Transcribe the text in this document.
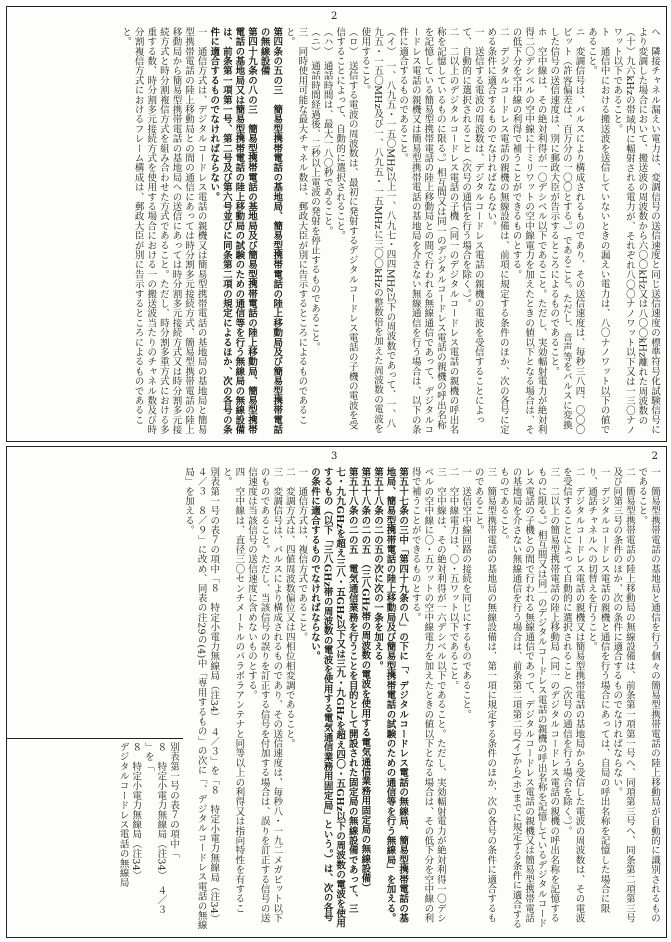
2

ヘ　隣接チャネル漏えい電力は、変調信号の送信速度と同じ送信速度の標準符号化試験信号により変調した場合において、搬送波の周波数から六〇〇kHz又は八〇〇kHz離れた周波数の（十）九六kHzの帯域内に輻射される電力が、それぞれ八〇〇ナノワット以下又は一三〇ナノワット以下であること。

ト　通信中における搬送波を送信していないときの漏えい電力は、八〇ナノワット以下の値であること。

ニ　変調信号は、パルスにより構成されるものであり、その送信速度は、毎秒三八四、〇〇〇ビット（許容偏差は、百万分の一〇〇とする。）であること。ただし、音声等をパルスに変換した信号の送信速度は、別に郵政大臣が告示するところによるものであること。

ホ　空中線は、その絶対利得が一〇デシベル以下であること。ただし、実効輻射電力が絶対利得二〇デシベルの空中線に十ミリワットの空中線電力を加えたときの値以下となる場合は、その低下分を空中線の利得で補うことができるものとする。

二　デジタルコードレス電話の親機の無線設備は、前項に規定する条件のほか、次の各号に定める条件に適合するものでなければならない。

一　送信する電波の周波数は、デジタルコードレス電話の親機の電波を受信することによって、自動的に選択されること（次号の通信を行う場合を除く。）。

二　二以上のデジタルコードレス電話の子機（同一のデジタルコードレス電話の親機の呼出名称を記憶しているものに限る。）相互間又は同一のデジタルコードレス電話の親機の呼出名称を記憶している簡易型携帯電話の陸上移動局との間で行われる無線通信であって、デジタルコードレス電話の親機又は簡易型携帯電話の基地局を介さない無線通信を行う場合は、以下の条件に適合するものであること。

（イ）　一、八九五・一五〇MHz以上一、八九七・四四MHz以下の周波数であって、一、八九五・一五〇MHz及び一、八九五・一五MHzに三〇〇kHzの整数倍を加えた周波数の電波を使用すること。

（ロ）　送信する電波の周波数は、最初に発射するデジタルコードレス電話の子機の電波を受信することによって、自動的に選択されること。

（ハ）　通話時間は、最大一八〇秒であること。

（ニ）　通話時間経過後、二秒以上電波の発射を停止するものであること。

三　同時使用可能な最大チャネル数は、郵政大臣が別に告示するところによるものであること。

第四条の五の三　簡易型携帯電話の基地局、簡易型携帯電話の陸上移動局及び簡易型携帯電話の無線設備

第四十九条の八の三　簡易型携帯電話の基地局及び簡易型携帯電話の陸上移動局、簡易型携帯電話の基地局又は簡易型携帯電話の陸上移動局の試験のための通信等を行う無線局の無線設備は、前条第一項第一号、第二号及び第六号並びに同条第二項の規定によるほか、次の各号の条件に適合するものでなければならない。

一　通信方式は、デジタルコードレス電話の親機又は簡易型携帯電話の基地局の基地局と簡易型携帯電話の陸上移動局との間の通信にあっては時分割多元接続方式、簡易型携帯電話の陸上移動局から簡易型携帯電話の基地局への送信にあっては時分割多元接続方式又は時分割多元接続方式と時分割複信方式を組み合わせた方式であること。ただし、時分割多重方式における多重する数、時分割多元接続方式を使用する場合における一の搬送波当たりのチャネル数及び時分割複信方式におけるフレーム構成は、郵政大臣が別に告示するところによるものであること。

3	2

一　簡易型携帯電話の基地局と通信を行う個々の簡易型携帯電話の陸上移動局が自動的に識別されるものであること。

二　簡易型携帯電話の陸上移動局の無線設備は、前条第一項第一号へ、同項第三号へ、同条第二項第三号及び同第三号の条件のほか、次の条件に適合するものでなければならない。

一　デジタルコードレス電話の親機と通信を行う場合にあっては、自局の呼出名称を記憶した場合に限り、通話チャネルへの切替えを行うこと。

二　デジタルコードレス電話の親機又は簡易型携帯電話の基地局から受信した電波の周波数は、その電波を受信することによって自動的に選択されること（次号の通信を行う場合を除く。）。

三　二以上の簡易型携帯電話の陸上移動局（同一のデジタルコードレス電話の親機の呼出名称を記憶するものに限る。）相互間又は同一のデジタルコードレス電話の親機の呼出名称を記憶しているデジタルコードレス電話の子機との間で行われる無線通信であって、デジタルコードレス電話の親機又は簡易型携帯電話の基地局を介さない無線通信を行う場合は、前条第二項第二号(イ)から(ホ)までに規定する条件に適合するものであること。

三　簡易型携帯電話の基地局の無線設備は、第一項に規定する条件のほか、次の各号の条件に適合するものであること。

一　送信空中線回路の接続を同じにするものであること。

二　空中線電力は、〇・五ワット以下であること。

三　空中線は、その絶対利得が一六デシベル以下であること。ただし、実効輻射電力が絶対利得一〇デシベルの空中線に〇・五ワットの空中線電力を加えたときの値以下となる場合は、その低下分を空中線の利得で補うことができるものとする。

第五十七条の三中「第四十九条の八」の下に「、デジタルコードレス電話の無線局、簡易型携帯電話の基地局、簡易型携帯電話の陸上移動局及び簡易型携帯電話の試験のための通信等を行う無線局」を加える。

第五十八条の二の五の次に次の一条を加える。

第五十八条の二の五　（三八GHz帯の周波数の電波を使用する電気通信業務用固定局の無線設備）

第五十八条の二の五　電気通信業務を行うことを目的として開設された固定局の無線設備であって、三七・九九GHzを超え三八・五GHz以下又は三九・九GHzを超え四〇・五GHz以下の周波数の電波を使用するもの（以下「三八GHz帯の周波数の電波を使用する電気通信業務用固定局」という。）は、次の各号の条件に適合するものでなければならない。

一　通信方式は、複信方式であること。

二　変調方式は、四値周波数偏位又は四相位相変調であること。

三　変調信号は、パルスにより構成されるものであり、その送信速度は、毎秒八・一九二メガビット以下のものであること。ただし、当該信号の誤りを訂正する信号を付加する場合は、誤りを訂正する信号の送信速度は当該信号の送信速度に含めないものとする。

四　空中線は、直径三〇センチメートルのパラボラアンテナと同等以上の利得又は指向特性を有すること。

別表第一号の表７の項中「８　特定小電力無線局（注34）　４／３」を「８　特定小電力無線局（注34）　４／３　８／９」に改め、同表の注29の(4)中「専用するもの」の次に「、デジタルコードレス電話の無線局」を加える。

別表第一号の表７の項中「

８　特定小電力無線局（注34）　４／３

」を「

８　特定小電力無線局（注34）

デジタルコードレス電話の無線局
